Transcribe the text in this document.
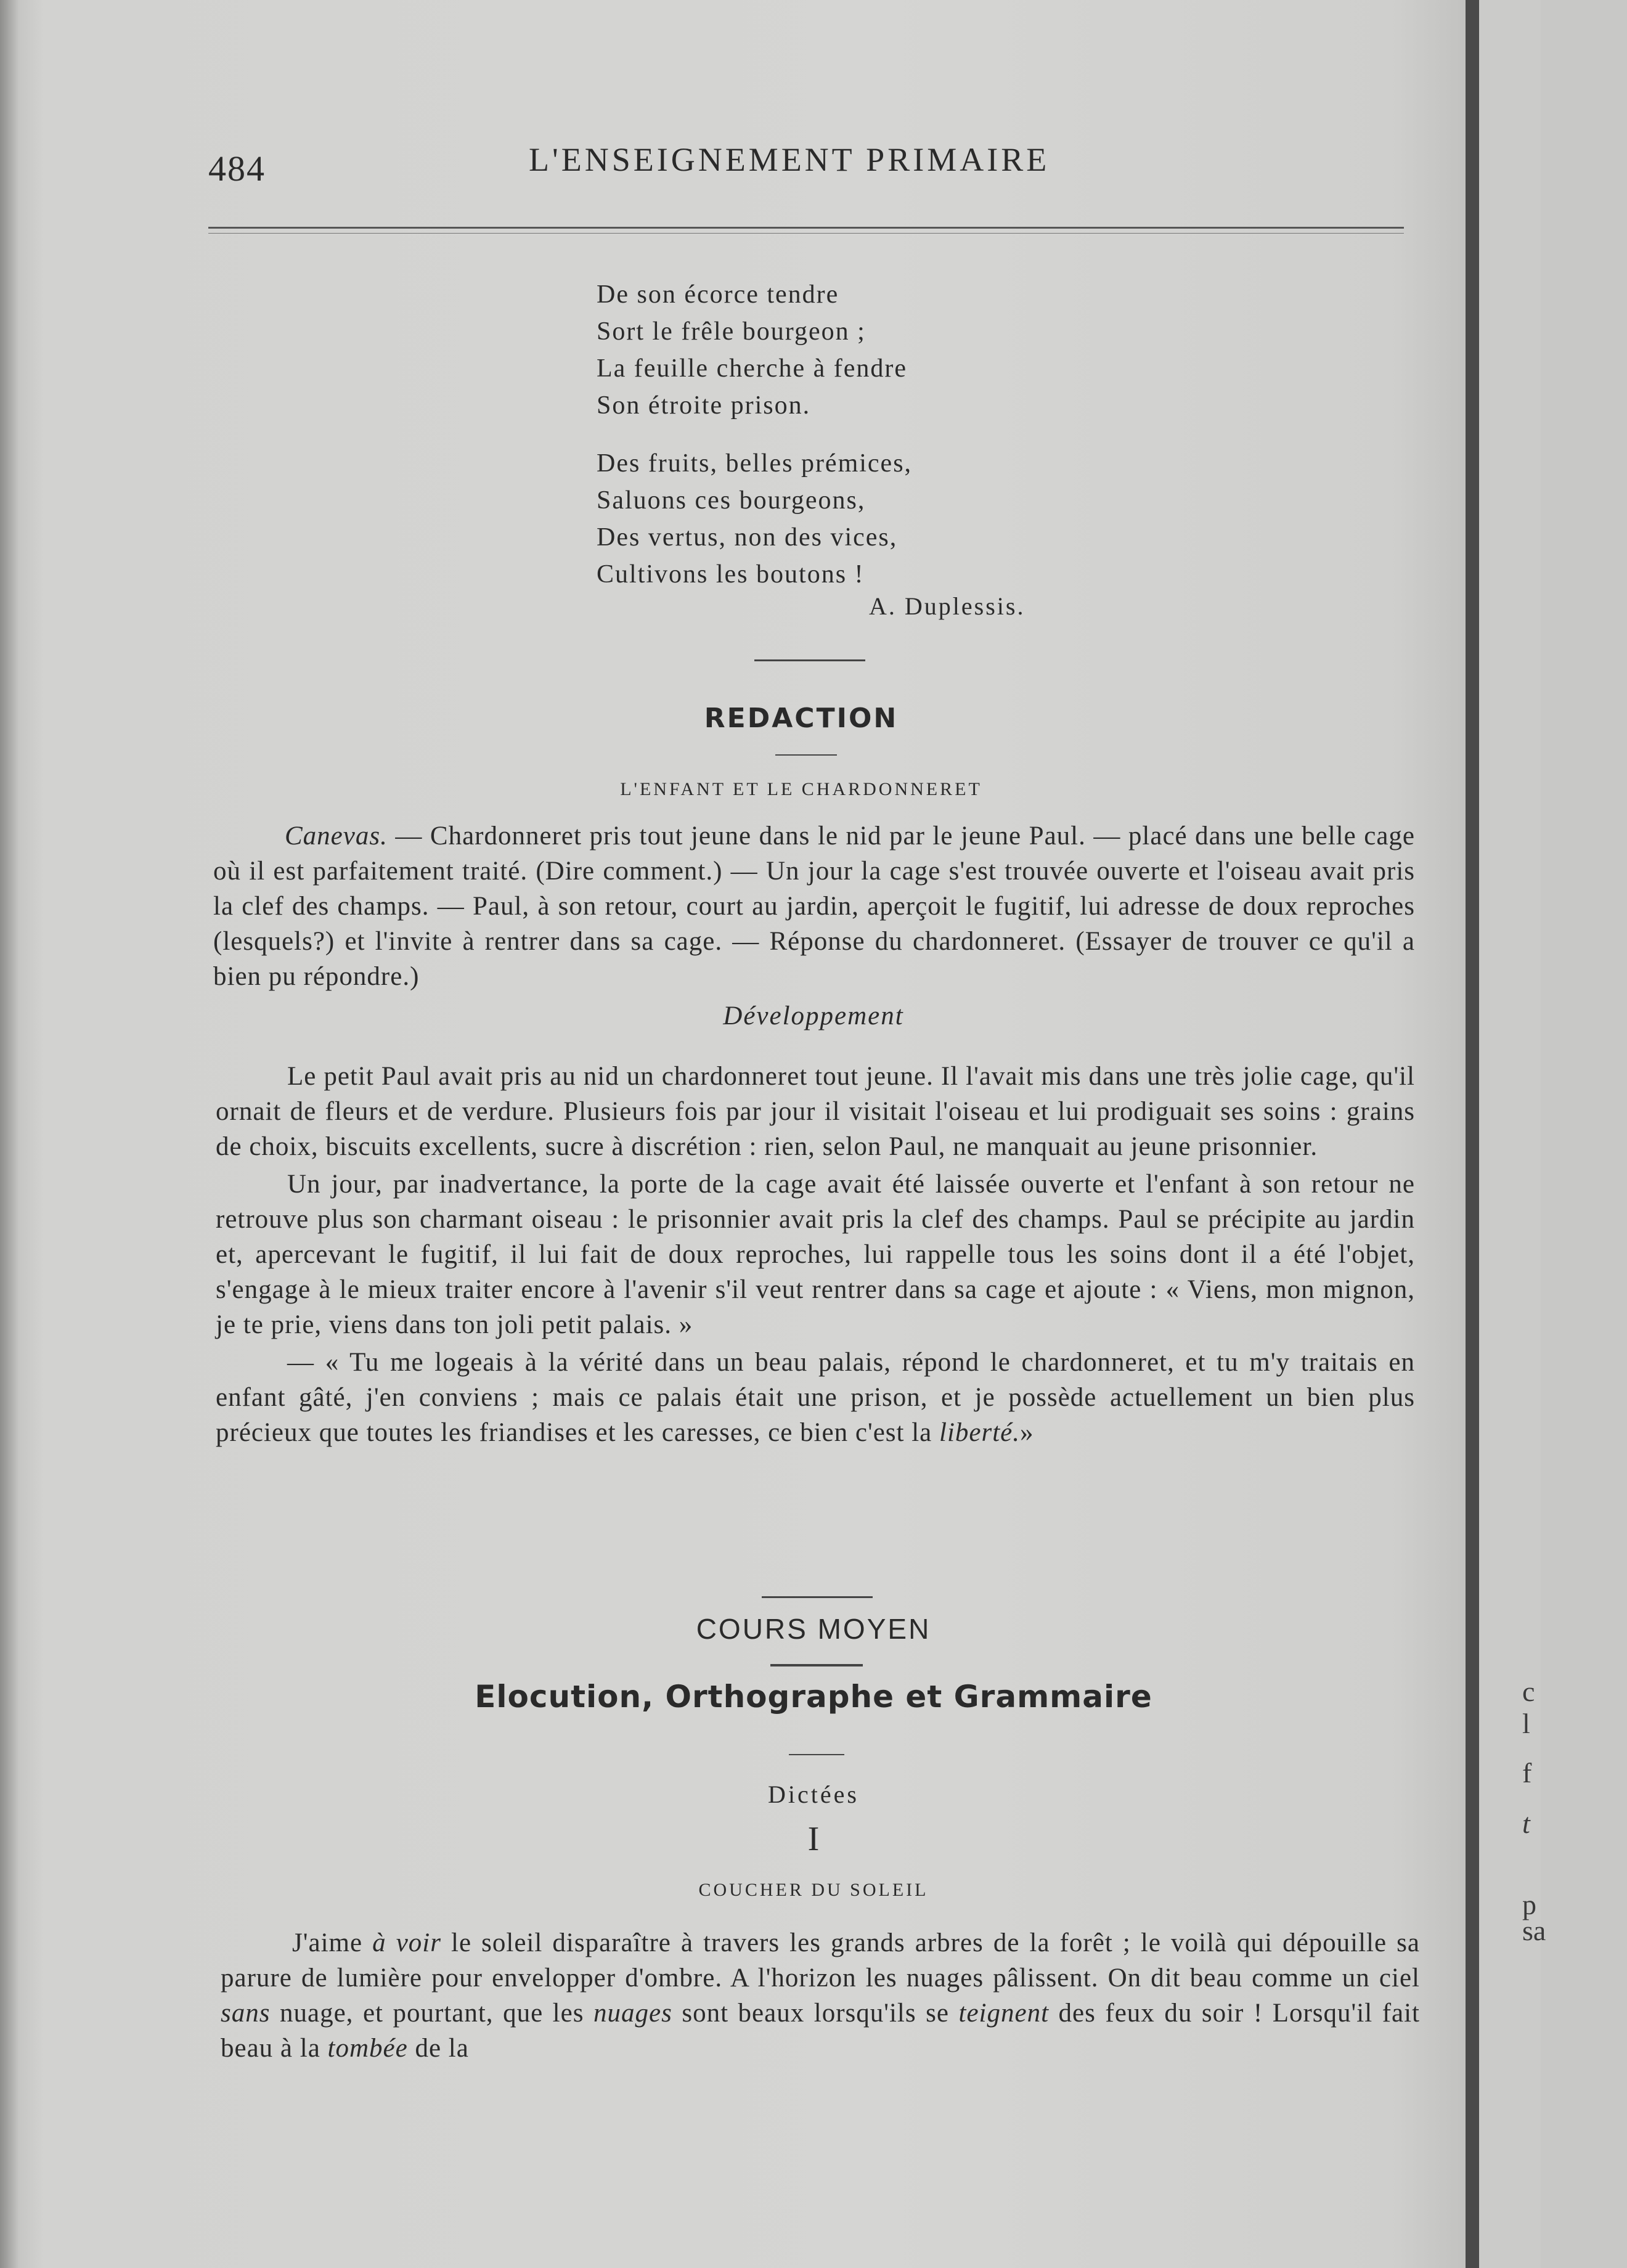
c
l
f
t
p
sa
484	L'ENSEIGNEMENT PRIMAIRE
De son écorce tendre
Sort le frêle bourgeon ;
La feuille cherche à fendre
Son étroite prison.
Des fruits, belles prémices,
Saluons ces bourgeons,
Des vertus, non des vices,
Cultivons les boutons !
A. Duplessis.
REDACTION
L'ENFANT ET LE CHARDONNERET
Canevas. — Chardonneret pris tout jeune dans le nid par le jeune Paul. — placé dans une belle cage où il est parfaitement traité. (Dire comment.) — Un jour la cage s'est trouvée ouverte et l'oiseau avait pris la clef des champs. — Paul, à son retour, court au jardin, aperçoit le fugitif, lui adresse de doux reproches (lesquels?) et l'invite à rentrer dans sa cage. — Réponse du chardonneret. (Essayer de trouver ce qu'il a bien pu répondre.)
Développement

Le petit Paul avait pris au nid un chardonneret tout jeune. Il l'avait mis dans une très jolie cage, qu'il ornait de fleurs et de verdure. Plusieurs fois par jour il visitait l'oiseau et lui prodiguait ses soins : grains de choix, biscuits excellents, sucre à discrétion : rien, selon Paul, ne manquait au jeune prisonnier.

Un jour, par inadvertance, la porte de la cage avait été laissée ouverte et l'enfant à son retour ne retrouve plus son charmant oiseau : le prisonnier avait pris la clef des champs. Paul se précipite au jardin et, apercevant le fugitif, il lui fait de doux reproches, lui rappelle tous les soins dont il a été l'objet, s'engage à le mieux traiter encore à l'avenir s'il veut rentrer dans sa cage et ajoute : « Viens, mon mignon, je te prie, viens dans ton joli petit palais. »

— « Tu me logeais à la vérité dans un beau palais, répond le chardonneret, et tu m'y traitais en enfant gâté, j'en conviens ; mais ce palais était une prison, et je possède actuellement un bien plus précieux que toutes les friandises et les caresses, ce bien c'est la liberté.»

COURS MOYEN
Elocution, Orthographe et Grammaire
Dictées
I
COUCHER DU SOLEIL
J'aime à voir le soleil disparaître à travers les grands arbres de la forêt ; le voilà qui dépouille sa parure de lumière pour envelopper d'ombre. A l'horizon les nuages pâlissent. On dit beau comme un ciel sans nuage, et pourtant, que les nuages sont beaux lorsqu'ils se teignent des feux du soir ! Lorsqu'il fait beau à la tombée de la
